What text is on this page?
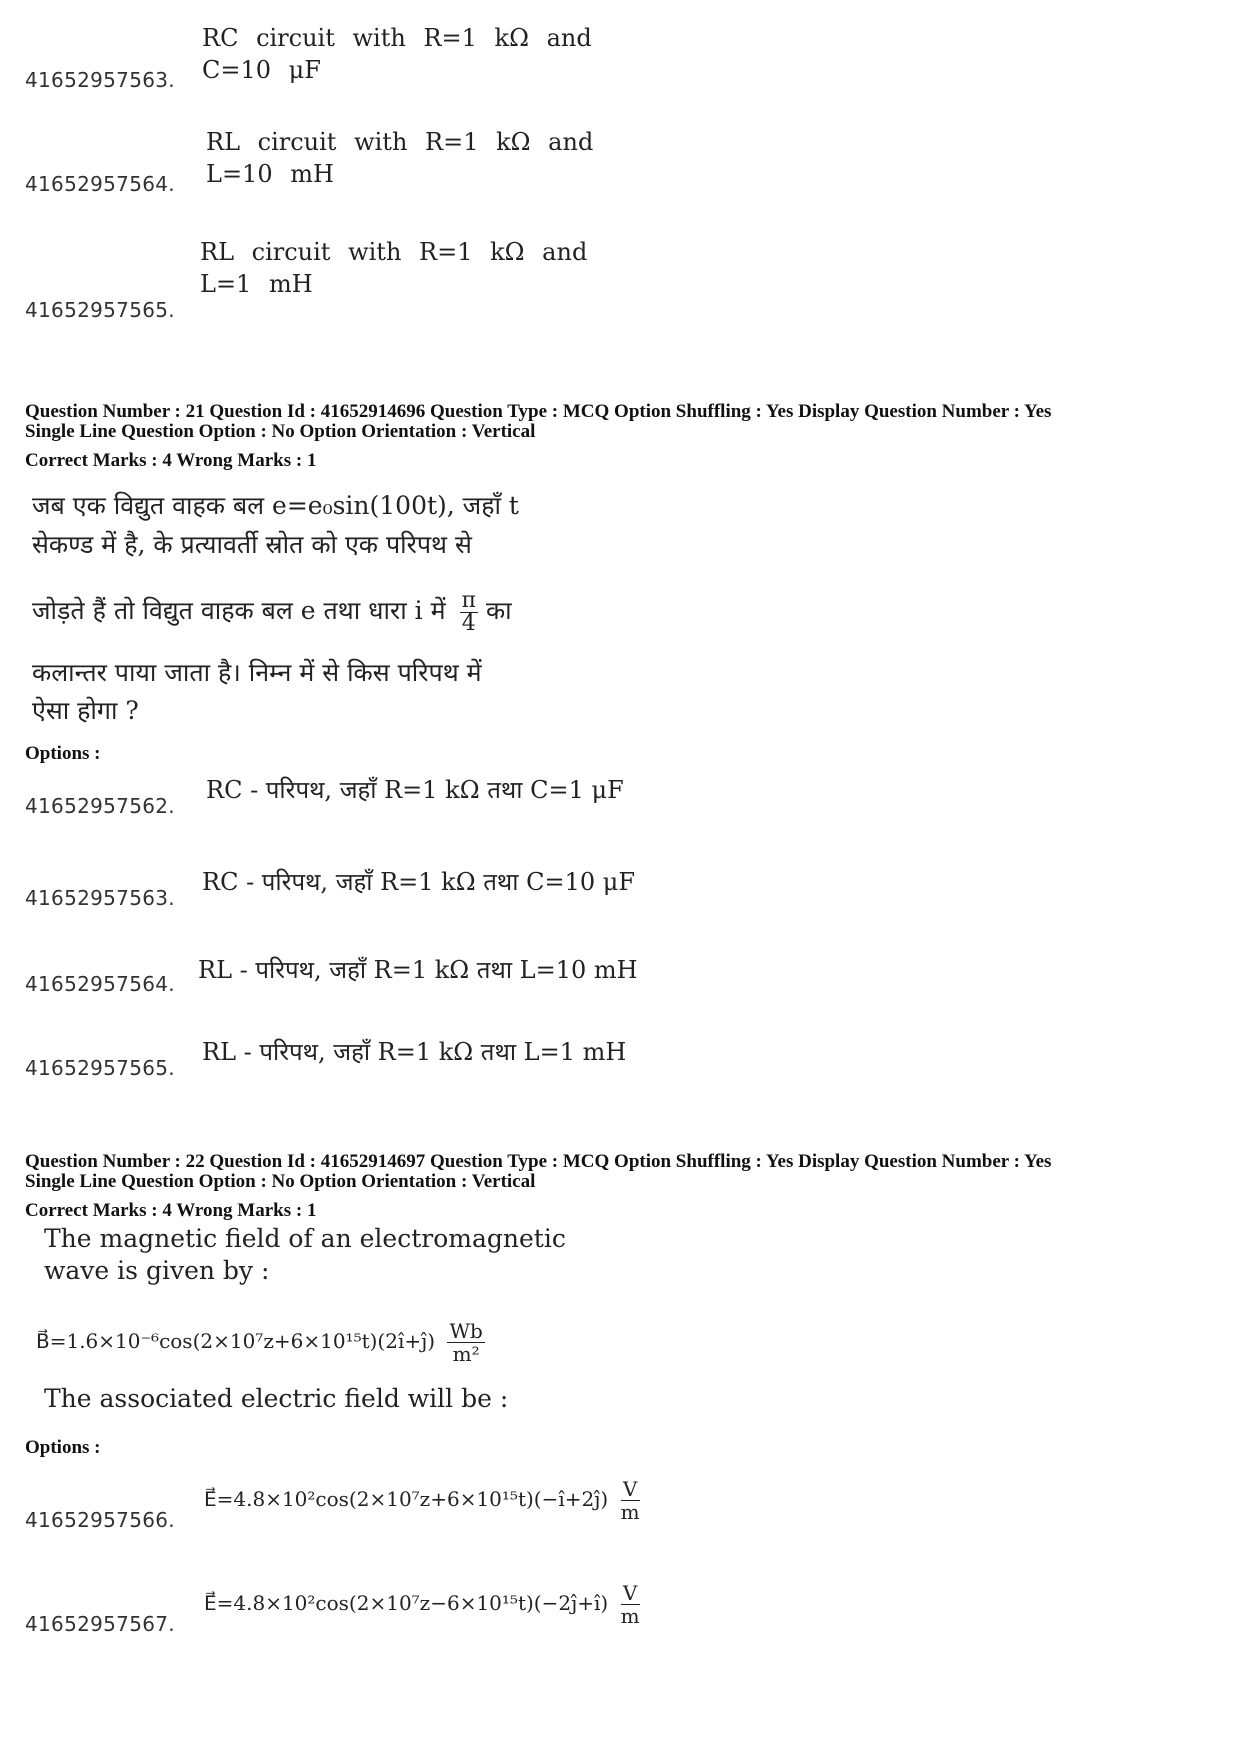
RC circuit with R=1 kΩ and
C=10 μF
41652957563.
RL circuit with R=1 kΩ and
L=10 mH
41652957564.
RL circuit with R=1 kΩ and
L=1 mH
41652957565.
Question Number : 21 Question Id : 41652914696 Question Type : MCQ Option Shuffling : Yes Display Question Number : Yes
Single Line Question Option : No Option Orientation : Vertical
Correct Marks : 4 Wrong Marks : 1
जब एक विद्युत वाहक बल e=e₀sin(100t), जहाँ t
सेकण्ड में है, के प्रत्यावर्ती स्रोत को एक परिपथ से
जोड़ते हैं तो विद्युत वाहक बल e तथा धारा i में $\frac{\pi}{4}$ का
कलान्तर पाया जाता है। निम्न में से किस परिपथ में
ऐसा होगा ?
Options :
RC - परिपथ, जहाँ R=1 kΩ तथा C=1 μF
41652957562.
RC - परिपथ, जहाँ R=1 kΩ तथा C=10 μF
41652957563.
RL - परिपथ, जहाँ R=1 kΩ तथा L=10 mH
41652957564.
RL - परिपथ, जहाँ R=1 kΩ तथा L=1 mH
41652957565.
Question Number : 22 Question Id : 41652914697 Question Type : MCQ Option Shuffling : Yes Display Question Number : Yes
Single Line Question Option : No Option Orientation : Vertical
Correct Marks : 4 Wrong Marks : 1
The magnetic field of an electromagnetic
wave is given by :
B⃗=1.6×10⁻⁶cos(2×10⁷z+6×10¹⁵t)(2î+ĵ) $\frac{Wb}{\text{m²}}$
The associated electric field will be :
Options :
E⃗=4.8×10²cos(2×10⁷z+6×10¹⁵t)(−î+2ĵ) $\frac{V}{m}$
41652957566.
E⃗=4.8×10²cos(2×10⁷z−6×10¹⁵t)(−2ĵ+î) $\frac{V}{m}$
41652957567.
